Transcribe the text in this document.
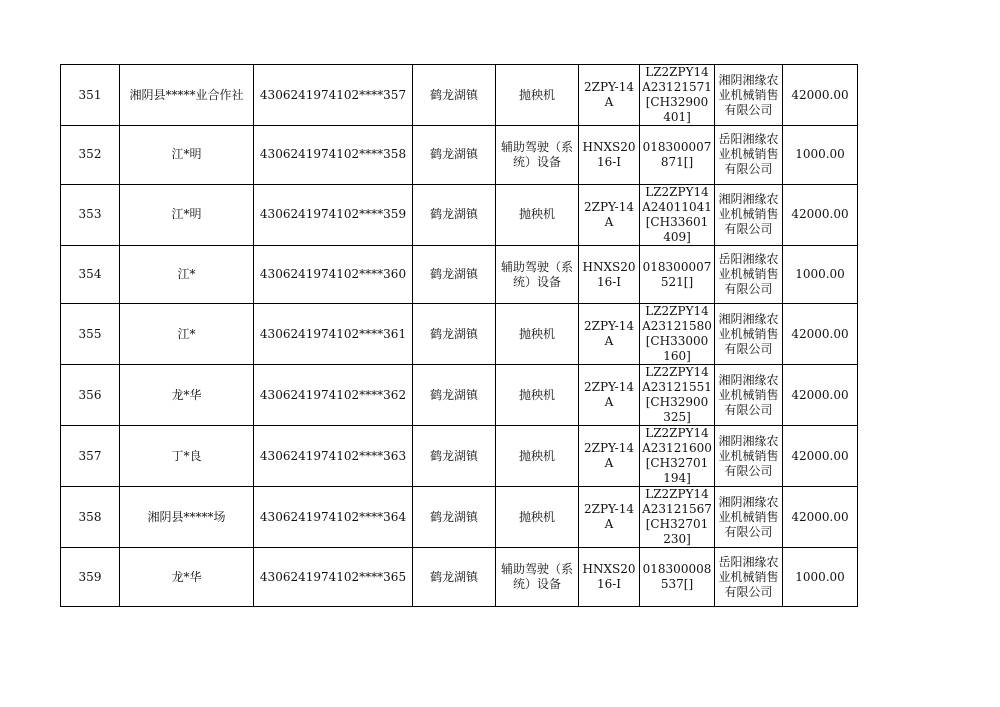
351	湘阴县*****业合作社	4306241974102****357	鹤龙湖镇	抛秧机	2ZPY-14A	LZ2ZPY14A23121571[CH32900401]	湘阴湘缘农业机械销售有限公司	42000.00
352	江*明	4306241974102****358	鹤龙湖镇	辅助驾驶（系统）设备	HNXS2016-I	018300007871[]	岳阳湘缘农业机械销售有限公司	1000.00
353	江*明	4306241974102****359	鹤龙湖镇	抛秧机	2ZPY-14A	LZ2ZPY14A24011041[CH33601409]	湘阴湘缘农业机械销售有限公司	42000.00
354	江*	4306241974102****360	鹤龙湖镇	辅助驾驶（系统）设备	HNXS2016-I	018300007521[]	岳阳湘缘农业机械销售有限公司	1000.00
355	江*	4306241974102****361	鹤龙湖镇	抛秧机	2ZPY-14A	LZ2ZPY14A23121580[CH33000160]	湘阴湘缘农业机械销售有限公司	42000.00
356	龙*华	4306241974102****362	鹤龙湖镇	抛秧机	2ZPY-14A	LZ2ZPY14A23121551[CH32900325]	湘阴湘缘农业机械销售有限公司	42000.00
357	丁*良	4306241974102****363	鹤龙湖镇	抛秧机	2ZPY-14A	LZ2ZPY14A23121600[CH32701194]	湘阴湘缘农业机械销售有限公司	42000.00
358	湘阴县*****场	4306241974102****364	鹤龙湖镇	抛秧机	2ZPY-14A	LZ2ZPY14A23121567[CH32701230]	湘阴湘缘农业机械销售有限公司	42000.00
359	龙*华	4306241974102****365	鹤龙湖镇	辅助驾驶（系统）设备	HNXS2016-I	018300008537[]	岳阳湘缘农业机械销售有限公司	1000.00
